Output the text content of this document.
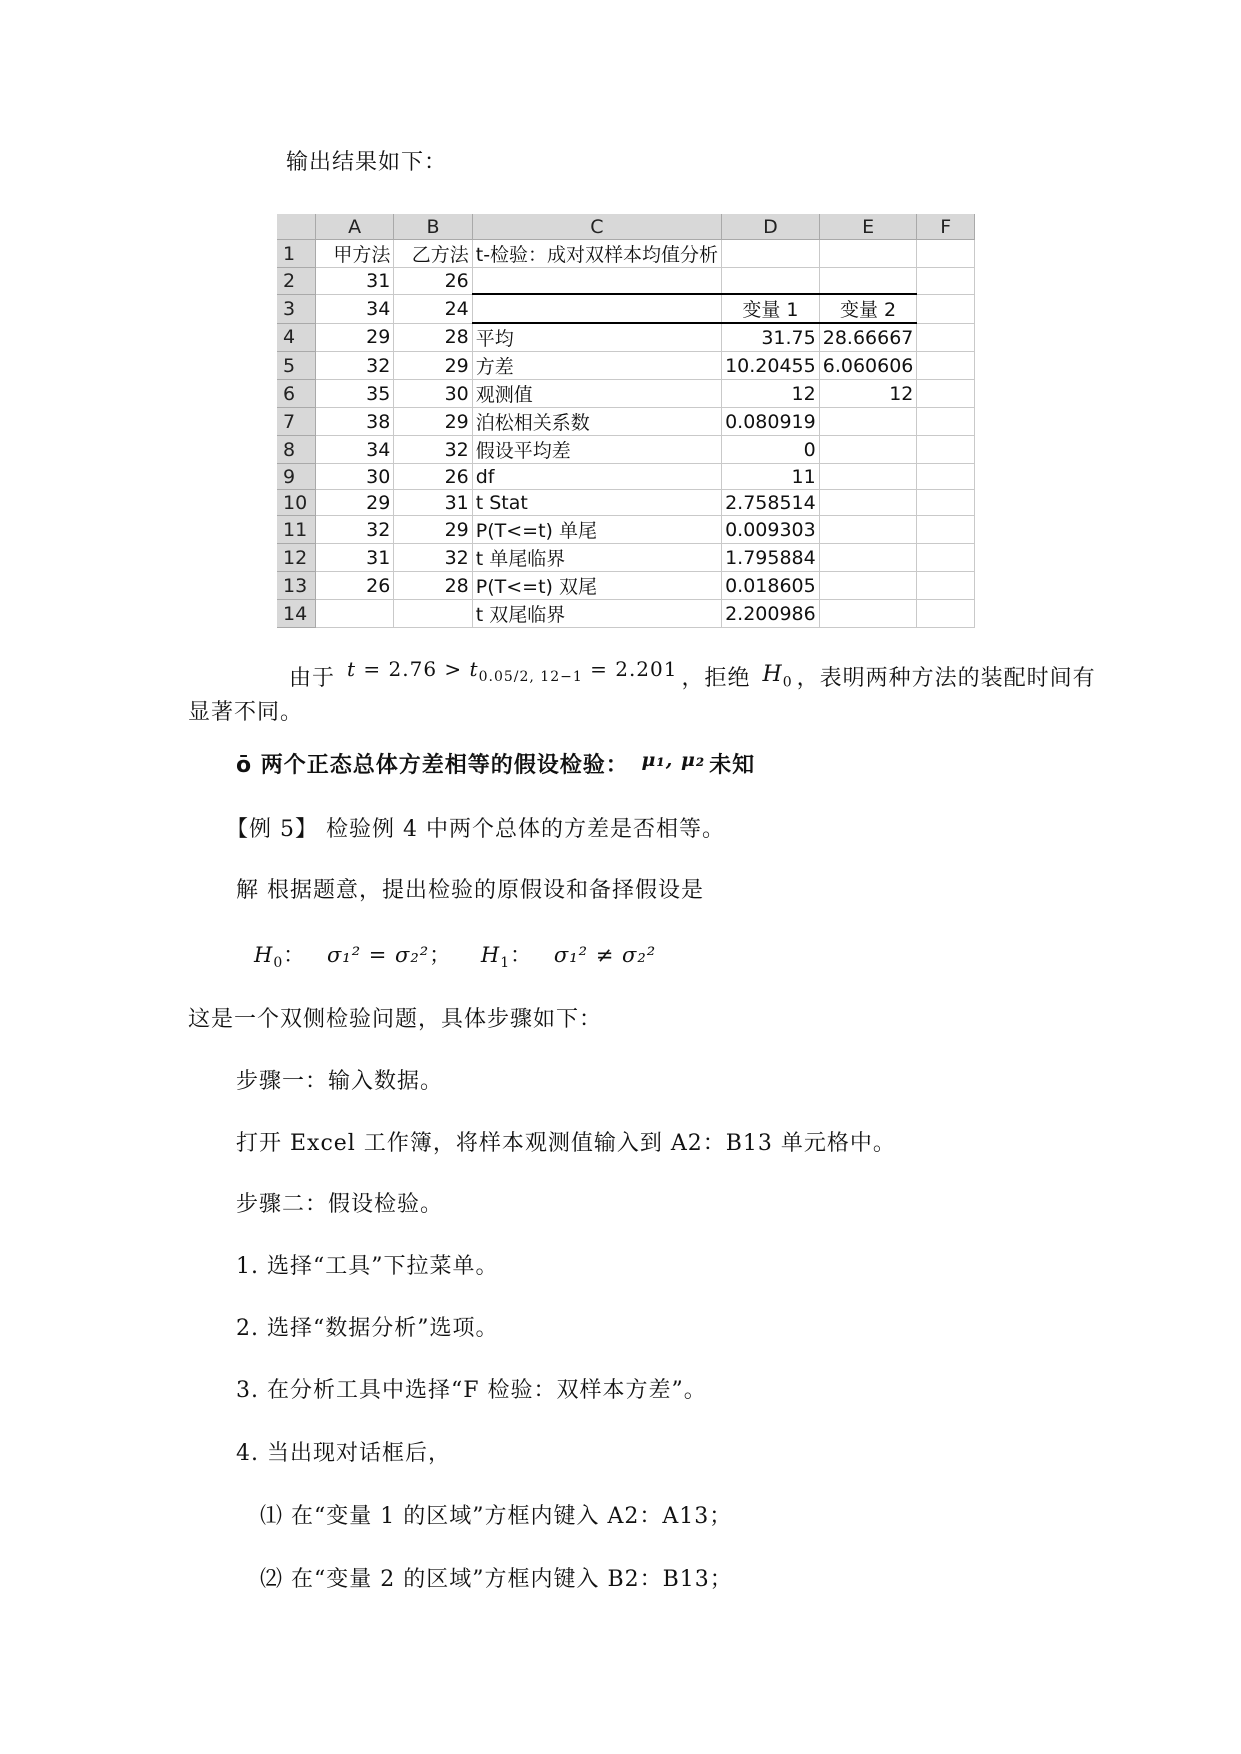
输出结果如下：
	A	B	C	D	E	F
1	甲方法	乙方法	t-检验：成对双样本均值分析			
2	31	26				
3	34	24		变量 1	变量 2	
4	29	28	平均	31.75	28.66667	
5	32	29	方差	10.20455	6.060606	
6	35	30	观测值	12	12	
7	38	29	泊松相关系数	0.080919		
8	34	32	假设平均差	0		
9	30	26	df	11		
10	29	31	t Stat	2.758514		
11	32	29	P(T<=t) 单尾	0.009303		
12	31	32	t 单尾临界	1.795884		
13	26	28	P(T<=t) 双尾	0.018605		
14			t 双尾临界	2.200986		
由于 $t = 2.76 > t_{0.05/2, 12-1} = 2.201$ ，拒绝 $H_0$ ，表明两种方法的装配时间有
显著不同。
ō 两个正态总体方差相等的假设检验： μ₁, μ₂ 未知
【例 5】 检验例 4 中两个总体的方差是否相等。
解 根据题意，提出检验的原假设和备择假设是
$H_0$： σ₁² = σ₂²； $H_1$： σ₁² ≠ σ₂²
这是一个双侧检验问题，具体步骤如下：
步骤一：输入数据。
打开 Excel 工作簿，将样本观测值输入到 A2：B13 单元格中。
步骤二：假设检验。
1. 选择“工具”下拉菜单。
2. 选择“数据分析”选项。
3. 在分析工具中选择“F 检验：双样本方差”。
4. 当出现对话框后，
⑴ 在“变量 1 的区域”方框内键入 A2：A13；
⑵ 在“变量 2 的区域”方框内键入 B2：B13；
